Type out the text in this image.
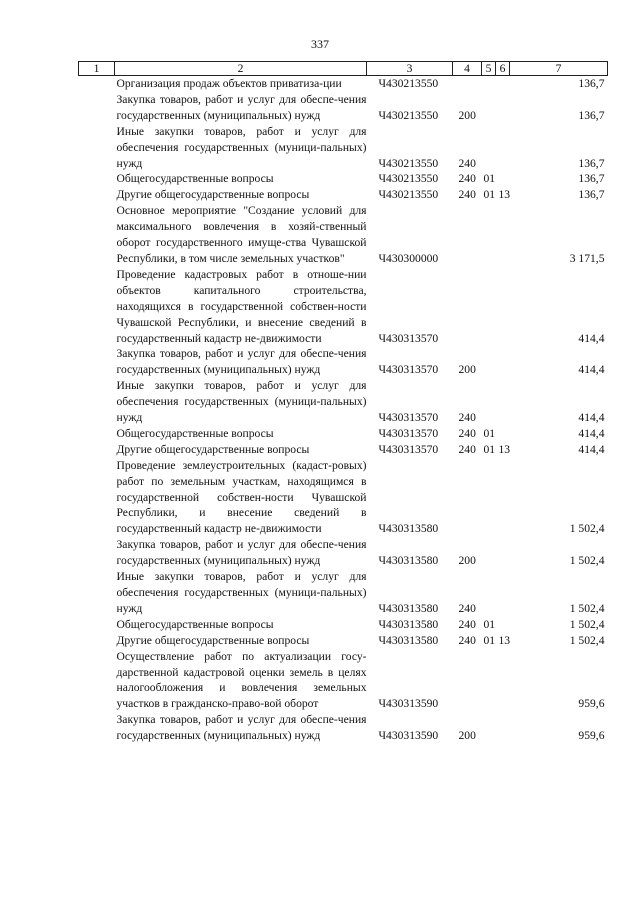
337
1	2	3	4	5	6	7

	Организация продаж объектов приватиза-ции	Ч430213550				136,7

	Закупка товаров, работ и услуг для обеспе-чения государственных (муниципальных) нужд	Ч430213550	200			136,7

	Иные закупки товаров, работ и услуг для обеспечения государственных (муници-пальных) нужд	Ч430213550	240			136,7

	Общегосударственные вопросы	Ч430213550	240	01		136,7

	Другие общегосударственные вопросы	Ч430213550	240	01	13	136,7

	Основное мероприятие "Создание условий для максимального вовлечения в хозяй-ственный оборот государственного имуще-ства Чувашской Республики, в том числе земельных участков"	Ч430300000				3 171,5

	Проведение кадастровых работ в отноше-нии объектов капитального строительства, находящихся в государственной собствен-ности Чувашской Республики, и внесение сведений в государственный кадастр не-движимости	Ч430313570				414,4

	Закупка товаров, работ и услуг для обеспе-чения государственных (муниципальных) нужд	Ч430313570	200			414,4

	Иные закупки товаров, работ и услуг для обеспечения государственных (муници-пальных) нужд	Ч430313570	240			414,4

	Общегосударственные вопросы	Ч430313570	240	01		414,4

	Другие общегосударственные вопросы	Ч430313570	240	01	13	414,4

	Проведение землеустроительных (кадаст-ровых) работ по земельным участкам, находящимся в государственной собствен-ности Чувашской Республики, и внесение сведений в государственный кадастр не-движимости	Ч430313580				1 502,4

	Закупка товаров, работ и услуг для обеспе-чения государственных (муниципальных) нужд	Ч430313580	200			1 502,4

	Иные закупки товаров, работ и услуг для обеспечения государственных (муници-пальных) нужд	Ч430313580	240			1 502,4

	Общегосударственные вопросы	Ч430313580	240	01		1 502,4

	Другие общегосударственные вопросы	Ч430313580	240	01	13	1 502,4

	Осуществление работ по актуализации госу-дарственной кадастровой оценки земель в целях налогообложения и вовлечения земельных участков в гражданско-право-вой оборот	Ч430313590				959,6

	Закупка товаров, работ и услуг для обеспе-чения государственных (муниципальных) нужд	Ч430313590	200			959,6
